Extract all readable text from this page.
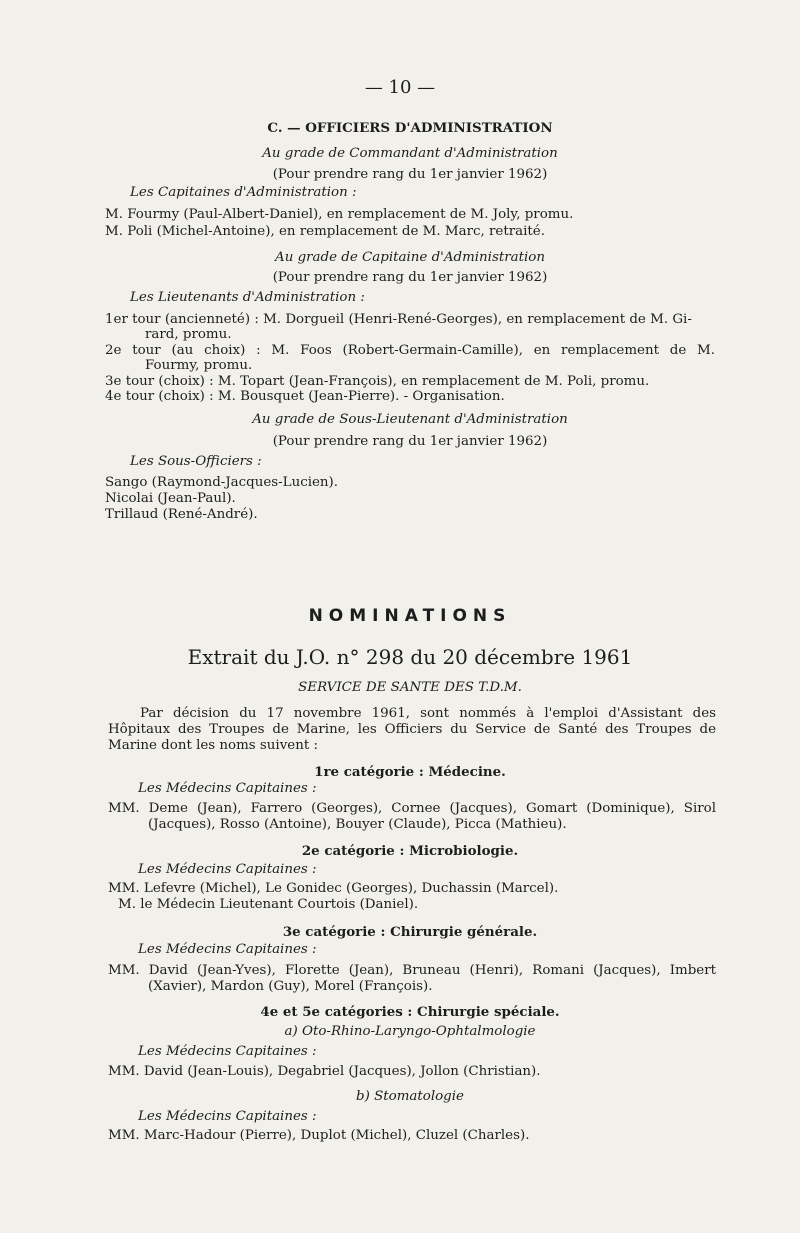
— 10 —
C. — OFFICIERS D'ADMINISTRATION
Au grade de Commandant d'Administration
(Pour prendre rang du 1er janvier 1962)
Les Capitaines d'Administration :
M. Fourmy (Paul-Albert-Daniel), en remplacement de M. Joly, promu.
M. Poli (Michel-Antoine), en remplacement de M. Marc, retraité.
Au grade de Capitaine d'Administration
(Pour prendre rang du 1er janvier 1962)
Les Lieutenants d'Administration :
1er tour (ancienneté) : M. Dorgueil (Henri-René-Georges), en remplacement de M. Gi-
rard, promu.
2e tour (au choix) : M. Foos (Robert-Germain-Camille), en remplacement de M.
Fourmy, promu.
3e tour (choix) : M. Topart (Jean-François), en remplacement de M. Poli, promu.
4e tour (choix) : M. Bousquet (Jean-Pierre). - Organisation.
Au grade de Sous-Lieutenant d'Administration
(Pour prendre rang du 1er janvier 1962)
Les Sous-Officiers :
Sango (Raymond-Jacques-Lucien).
Nicolai (Jean-Paul).
Trillaud (René-André).
NOMINATIONS
Extrait du J.O. n° 298 du 20 décembre 1961
SERVICE DE SANTE DES T.D.M.
Par décision du 17 novembre 1961, sont nommés à l'emploi d'Assistant des Hôpitaux des Troupes de Marine, les Officiers du Service de Santé des Troupes de Marine dont les noms suivent :
1re catégorie : Médecine.
Les Médecins Capitaines :
MM. Deme (Jean), Farrero (Georges), Cornee (Jacques), Gomart (Dominique), Sirol
(Jacques), Rosso (Antoine), Bouyer (Claude), Picca (Mathieu).
2e catégorie : Microbiologie.
Les Médecins Capitaines :
MM. Lefevre (Michel), Le Gonidec (Georges), Duchassin (Marcel).
M. le Médecin Lieutenant Courtois (Daniel).
3e catégorie : Chirurgie générale.
Les Médecins Capitaines :
MM. David (Jean-Yves), Florette (Jean), Bruneau (Henri), Romani (Jacques), Imbert
(Xavier), Mardon (Guy), Morel (François).
4e et 5e catégories : Chirurgie spéciale.
a) Oto-Rhino-Laryngo-Ophtalmologie
Les Médecins Capitaines :
MM. David (Jean-Louis), Degabriel (Jacques), Jollon (Christian).
b) Stomatologie
Les Médecins Capitaines :
MM. Marc-Hadour (Pierre), Duplot (Michel), Cluzel (Charles).
